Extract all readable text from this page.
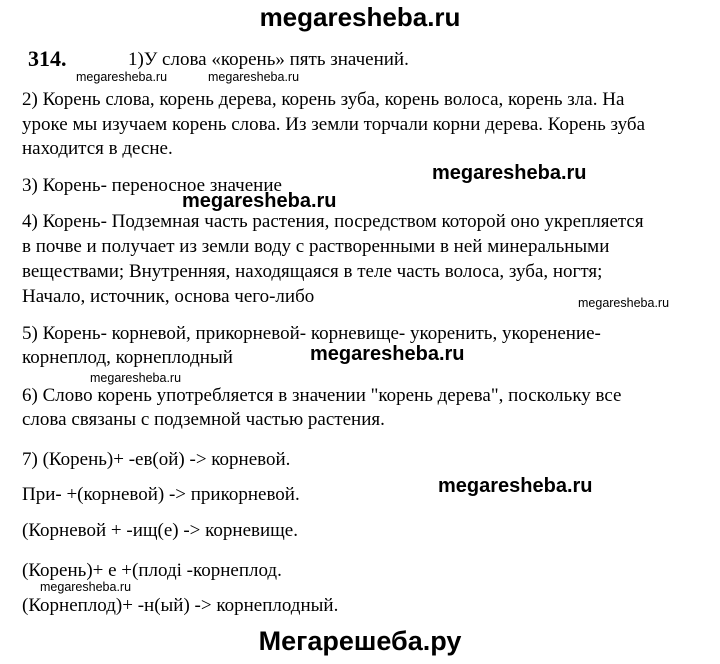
megaresheba.ru
314.	1)У слова «корень» пять значений.
megaresheba.ru	megaresheba.ru
2) Корень слова, корень дерева, корень зуба, корень волоса, корень зла. На
уроке мы изучаем корень слова. Из земли торчали корни дерева. Корень зуба
находится в десне.
megaresheba.ru
3) Корень- переносное значение
megaresheba.ru
4) Корень- Подземная часть растения, посредством которой оно укрепляется
в почве и получает из земли воду с растворенными в ней минеральными
веществами; Внутренняя, находящаяся в теле часть волоса, зуба, ногтя;
Начало, источник, основа чего-либо	megaresheba.ru
5) Корень- корневой, прикорневой- корневище- укоренить, укоренение-
корнеплод, корнеплодный	megaresheba.ru
megaresheba.ru
6) Слово корень употребляется в значении "корень дерева", поскольку все
слова связаны с подземной частью растения.
7) (Корень)+ -ев(ой) -> корневой.
megaresheba.ru
При- +(корневой) -> прикорневой.
(Корневой + -ищ(е) -> корневище.
(Корень)+ е +(плоді -корнеплод.
megaresheba.ru
(Корнеплод)+ -н(ый) -> корнеплодный.
Мегарешеба.ру
